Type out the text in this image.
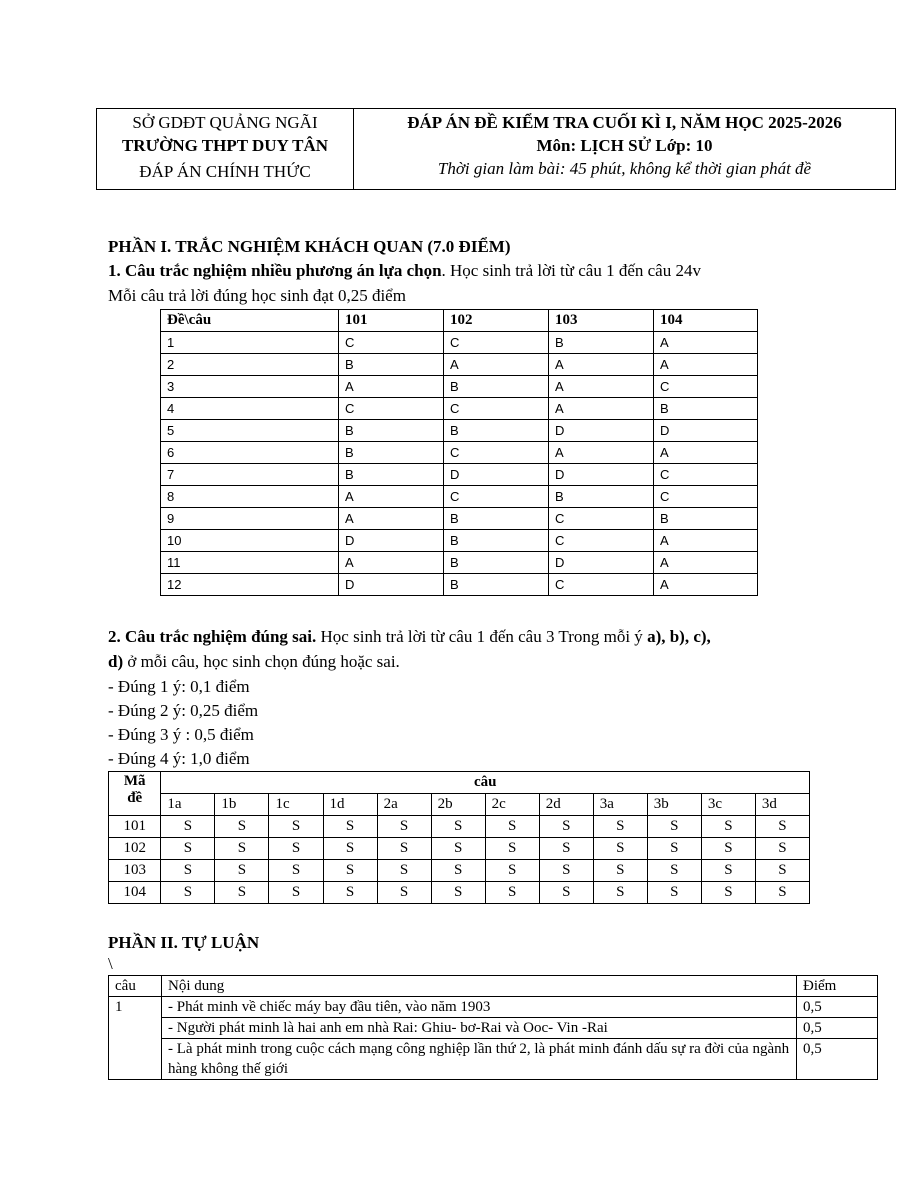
SỞ GDĐT QUẢNG NGÃI
TRƯỜNG THPT DUY TÂN
ĐÁP ÁN CHÍNH THỨC
ĐÁP ÁN ĐỀ KIỂM TRA CUỐI KÌ I, NĂM HỌC 2025-2026
Môn: LỊCH SỬ Lớp: 10
Thời gian làm bài: 45 phút, không kể thời gian phát đề
PHẦN I. TRẮC NGHIỆM KHÁCH QUAN (7.0 ĐIỂM)
1. Câu trắc nghiệm nhiều phương án lựa chọn. Học sinh trả lời từ câu 1 đến câu 24v
Mỗi câu trả lời đúng học sinh đạt 0,25 điểm
Đề\câu	101	102	103	104
1	C	C	B	A
2	B	A	A	A
3	A	B	A	C
4	C	C	A	B
5	B	B	D	D
6	B	C	A	A
7	B	D	D	C
8	A	C	B	C
9	A	B	C	B
10	D	B	C	A
11	A	B	D	A
12	D	B	C	A
2. Câu trắc nghiệm đúng sai. Học sinh trả lời từ câu 1 đến câu 3 Trong mỗi ý a), b), c),
d) ở mỗi câu, học sinh chọn đúng hoặc sai.
- Đúng 1 ý: 0,1 điểm
- Đúng 2 ý: 0,25 điểm
- Đúng 3 ý : 0,5 điểm
- Đúng 4 ý: 1,0 điểm
Mã đề	câu											
	1a	1b	1c	1d	2a	2b	2c	2d	3a	3b	3c	3d
101	S	S	S	S	S	S	S	S	S	S	S	S
102	S	S	S	S	S	S	S	S	S	S	S	S
103	S	S	S	S	S	S	S	S	S	S	S	S
104	S	S	S	S	S	S	S	S	S	S	S	S
PHẦN II. TỰ LUẬN
\
câu	Nội dung	Điểm
1	- Phát minh về chiếc máy bay đầu tiên, vào năm 1903	0,5
	- Người phát minh là hai anh em nhà Rai: Ghiu- bơ-Rai và Ooc- Vin -Rai	0,5
	- Là phát minh trong cuộc cách mạng công nghiệp lần thứ 2, là phát minh đánh dấu sự ra đời của ngành hàng không thế giới	0,5
